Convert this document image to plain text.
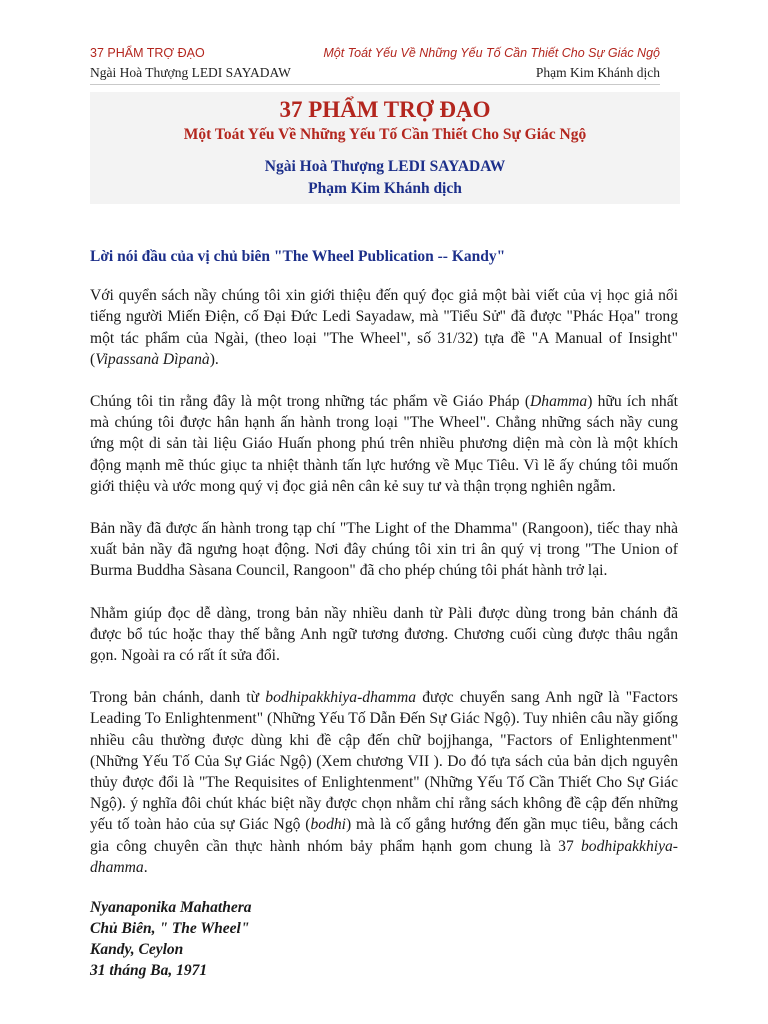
37 PHẨM TRỢ ĐẠO	Một Toát Yếu Về Những Yếu Tố Cần Thiết Cho Sự Giác Ngộ
Ngài Hoà Thượng LEDI SAYADAW	Phạm Kim Khánh dịch
37 PHẨM TRỢ ĐẠO
Một Toát Yếu Về Những Yếu Tố Cần Thiết Cho Sự Giác Ngộ
Ngài Hoà Thượng LEDI SAYADAW
Phạm Kim Khánh dịch
Lời nói đầu của vị chủ biên "The Wheel Publication -- Kandy"

Với quyển sách nầy chúng tôi xin giới thiệu đến quý đọc giả một bài viết của vị học giả nổi tiếng người Miến Điện, cố Đại Đức Ledi Sayadaw, mà "Tiểu Sử" đã được "Phác Họa" trong một tác phẩm của Ngài, (theo loại "The Wheel", số 31/32) tựa đề "A Manual of Insight" (Vipassanà Dìpanà).

Chúng tôi tin rằng đây là một trong những tác phẩm về Giáo Pháp (Dhamma) hữu ích nhất mà chúng tôi được hân hạnh ấn hành trong loại "The Wheel". Chẳng những sách nầy cung ứng một di sản tài liệu Giáo Huấn phong phú trên nhiều phương diện mà còn là một khích động mạnh mẽ thúc giục ta nhiệt thành tấn lực hướng về Mục Tiêu. Vì lẽ ấy chúng tôi muốn giới thiệu và ước mong quý vị đọc giả nên cân kẻ suy tư và thận trọng nghiên ngẫm.

Bản nầy đã được ấn hành trong tạp chí "The Light of the Dhamma" (Rangoon), tiếc thay nhà xuất bản nầy đã ngưng hoạt động. Nơi đây chúng tôi xin tri ân quý vị trong "The Union of Burma Buddha Sàsana Council, Rangoon" đã cho phép chúng tôi phát hành trở lại.

Nhằm giúp đọc dễ dàng, trong bản nầy nhiều danh từ Pàli được dùng trong bản chánh đã được bổ túc hoặc thay thế bằng Anh ngữ tương đương. Chương cuối cùng được thâu ngắn gọn. Ngoài ra có rất ít sửa đổi.

Trong bản chánh, danh từ bodhipakkhiya-dhamma được chuyển sang Anh ngữ là "Factors Leading To Enlightenment" (Những Yếu Tố Dẫn Đến Sự Giác Ngộ). Tuy nhiên câu nầy giống nhiều câu thường được dùng khi đề cập đến chữ bojjhanga, "Factors of Enlightenment" (Những Yếu Tố Của Sự Giác Ngộ) (Xem chương VII ). Do đó tựa sách của bản dịch nguyên thủy được đổi là "The Requisites of Enlightenment" (Những Yếu Tố Cần Thiết Cho Sự Giác Ngộ). ý nghĩa đôi chút khác biệt nầy được chọn nhằm chỉ rằng sách không đề cập đến những yếu tố toàn hảo của sự Giác Ngộ (bodhi) mà là cố gắng hướng đến gần mục tiêu, bằng cách gia công chuyên cần thực hành nhóm bảy phẩm hạnh gom chung là 37 bodhipakkhiya-dhamma.

Nyanaponika Mahathera
Chủ Biên, " The Wheel"
Kandy, Ceylon
31 tháng Ba, 1971
